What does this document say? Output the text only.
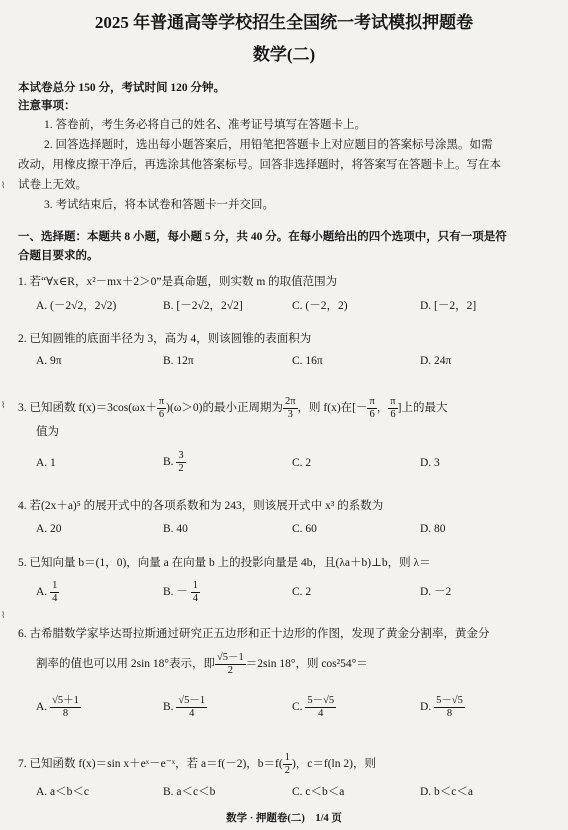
2025 年普通高等学校招生全国统一考试模拟押题卷
数学(二)
本试卷总分 150 分，考试时间 120 分钟。
注意事项：
1. 答卷前，考生务必将自己的姓名、准考证号填写在答题卡上。
2. 回答选择题时，选出每小题答案后，用铅笔把答题卡上对应题目的答案标号涂黑。如需
改动，用橡皮擦干净后，再选涂其他答案标号。回答非选择题时，将答案写在答题卡上。写在本
试卷上无效。
3. 考试结束后，将本试卷和答题卡一并交回。
一、选择题：本题共 8 小题，每小题 5 分，共 40 分。在每小题给出的四个选项中，只有一项是符
合题目要求的。
1. 若“∀x∈R，x²－mx＋2＞0”是真命题，则实数 m 的取值范围为
A. (－2√2，2√2)	B. [－2√2，2√2]	C. (－2，2)	D. [－2，2]
2. 已知圆锥的底面半径为 3，高为 4，则该圆锥的表面积为
A. 9π	B. 12π	C. 16π	D. 24π
3. 已知函数 $f(x)=3\cos(\omega x+ \frac{\pi}{6} )(\omega>0)$的最小正周期为 $\frac{2\pi}{3}$ ，则 f(x)在[－ $\frac{\pi}{6}$ ， $\frac{\pi}{6}$ ]上的最大
值为
A. 1	B. $\frac{3}{2}$	C. 2	D. 3
4. 若(2x＋a)⁵ 的展开式中的各项系数和为 243，则该展开式中 x³ 的系数为
A. 20	B. 40	C. 60	D. 80
5. 已知向量 b＝(1，0)，向量 a 在向量 b 上的投影向量是 4b，且(λa＋b)⊥b，则 λ＝
A. $\frac{1}{4}$	B. － $\frac{1}{4}$	C. 2	D. －2
6. 古希腊数学家毕达哥拉斯通过研究正五边形和正十边形的作图，发现了黄金分割率，黄金分
割率的值也可以用 2sin 18°表示，即 $\frac{√5-1}{2} =2\sin$ 18°，则 cos²54°＝
A. $\frac{√5+1}{8}$	B. $\frac{√5-1}{4}$	C. $\frac{5-√5}{4}$	D. $\frac{5-√5}{8}$
7. 已知函数 f(x)＝sin x＋eˣ－e⁻ˣ，若 a＝f(－2)，$b=f( \frac{1}{2}$ )，c＝f(ln 2)，则
A. a＜b＜c	B. a＜c＜b	C. c＜b＜a	D. b＜c＜a
数学 · 押题卷(二)　1/4 页
⌇
⌇
⌇
